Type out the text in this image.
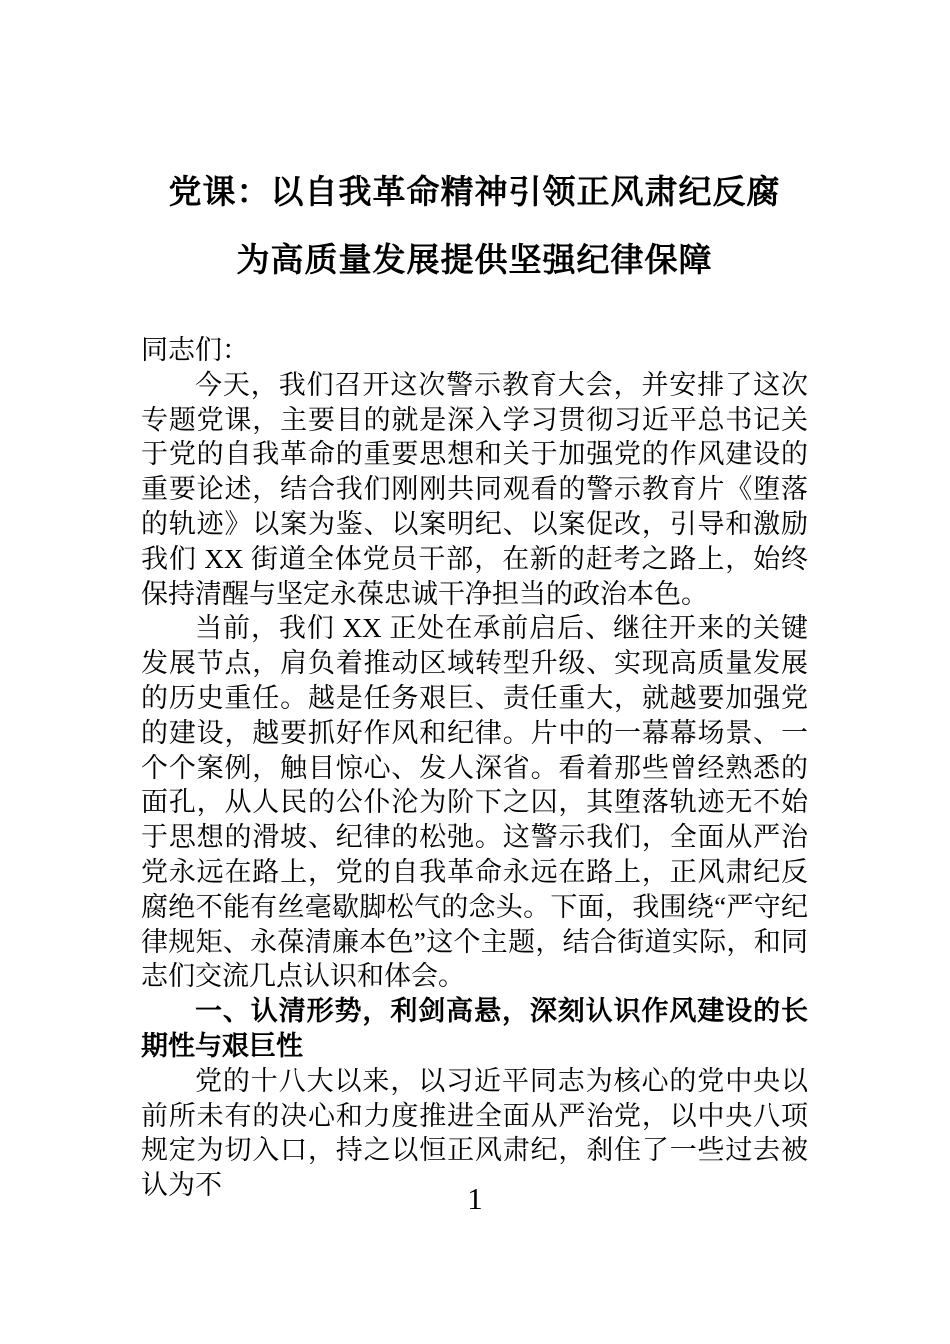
党课：以自我革命精神引领正风肃纪反腐
为高质量发展提供坚强纪律保障

同志们：

今天，我们召开这次警示教育大会，并安排了这次专题党课，主要目的就是深入学习贯彻习近平总书记关于党的自我革命的重要思想和关于加强党的作风建设的重要论述，结合我们刚刚共同观看的警示教育片《堕落的轨迹》以案为鉴、以案明纪、以案促改，引导和激励我们 XX 街道全体党员干部，在新的赶考之路上，始终保持清醒与坚定永葆忠诚干净担当的政治本色。

当前，我们 XX 正处在承前启后、继往开来的关键发展节点，肩负着推动区域转型升级、实现高质量发展的历史重任。越是任务艰巨、责任重大，就越要加强党的建设，越要抓好作风和纪律。片中的一幕幕场景、一个个案例，触目惊心、发人深省。看着那些曾经熟悉的面孔，从人民的公仆沦为阶下之囚，其堕落轨迹无不始于思想的滑坡、纪律的松弛。这警示我们，全面从严治党永远在路上，党的自我革命永远在路上，正风肃纪反腐绝不能有丝毫歇脚松气的念头。下面，我围绕“严守纪律规矩、永葆清廉本色”这个主题，结合街道实际，和同志们交流几点认识和体会。

一、认清形势，利剑高悬，深刻认识作风建设的长期性与艰巨性

党的十八大以来，以习近平同志为核心的党中央以前所未有的决心和力度推进全面从严治党，以中央八项规定为切入口，持之以恒正风肃纪，刹住了一些过去被认为不	1
